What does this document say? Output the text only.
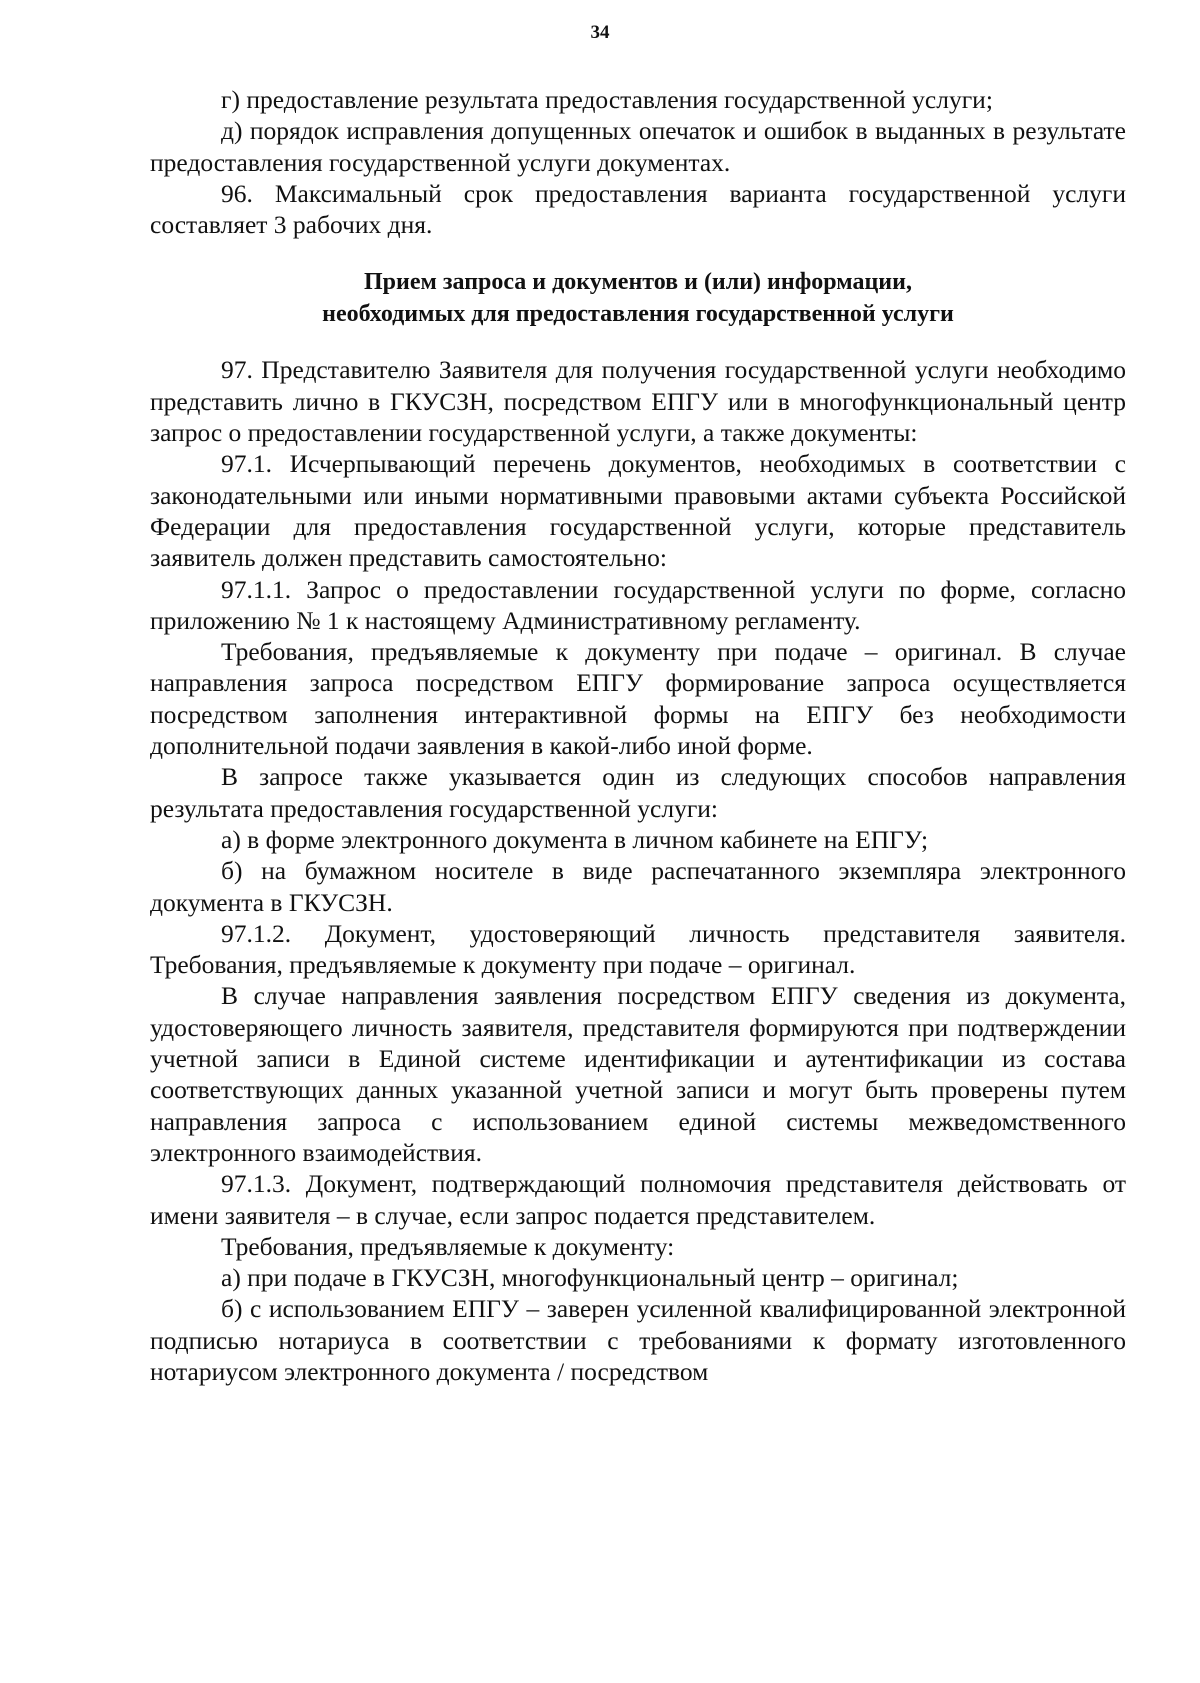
34

г) предоставление результата предоставления государственной услуги;

д) порядок исправления допущенных опечаток и ошибок в выданных в результате предоставления государственной услуги документах.

96. Максимальный срок предоставления варианта государственной услуги составляет 3 рабочих дня.

Прием запроса и документов и (или) информации,
необходимых для предоставления государственной услуги

97. Представителю Заявителя для получения государственной услуги необходимо представить лично в ГКУСЗН, посредством ЕПГУ или в многофункциональный центр запрос о предоставлении государственной услуги, а также документы:

97.1. Исчерпывающий перечень документов, необходимых в соответствии с законодательными или иными нормативными правовыми актами субъекта Российской Федерации для предоставления государственной услуги, которые представитель заявитель должен представить самостоятельно:

97.1.1. Запрос о предоставлении государственной услуги по форме, согласно приложению № 1 к настоящему Административному регламенту.

Требования, предъявляемые к документу при подаче – оригинал. В случае направления запроса посредством ЕПГУ формирование запроса осуществляется посредством заполнения интерактивной формы на ЕПГУ без необходимости дополнительной подачи заявления в какой-либо иной форме.

В запросе также указывается один из следующих способов направления результата предоставления государственной услуги:

а) в форме электронного документа в личном кабинете на ЕПГУ;

б) на бумажном носителе в виде распечатанного экземпляра электронного документа в ГКУСЗН.

97.1.2. Документ, удостоверяющий личность представителя заявителя. Требования, предъявляемые к документу при подаче – оригинал.

В случае направления заявления посредством ЕПГУ сведения из документа, удостоверяющего личность заявителя, представителя формируются при подтверждении учетной записи в Единой системе идентификации и аутентификации из состава соответствующих данных указанной учетной записи и могут быть проверены путем направления запроса с использованием единой системы межведомственного электронного взаимодействия.

97.1.3. Документ, подтверждающий полномочия представителя действовать от имени заявителя – в случае, если запрос подается представителем.

Требования, предъявляемые к документу:

а) при подаче в ГКУСЗН, многофункциональный центр – оригинал;

б) с использованием ЕПГУ – заверен усиленной квалифицированной электронной подписью нотариуса в соответствии с требованиями к формату изготовленного нотариусом электронного документа / посредством
